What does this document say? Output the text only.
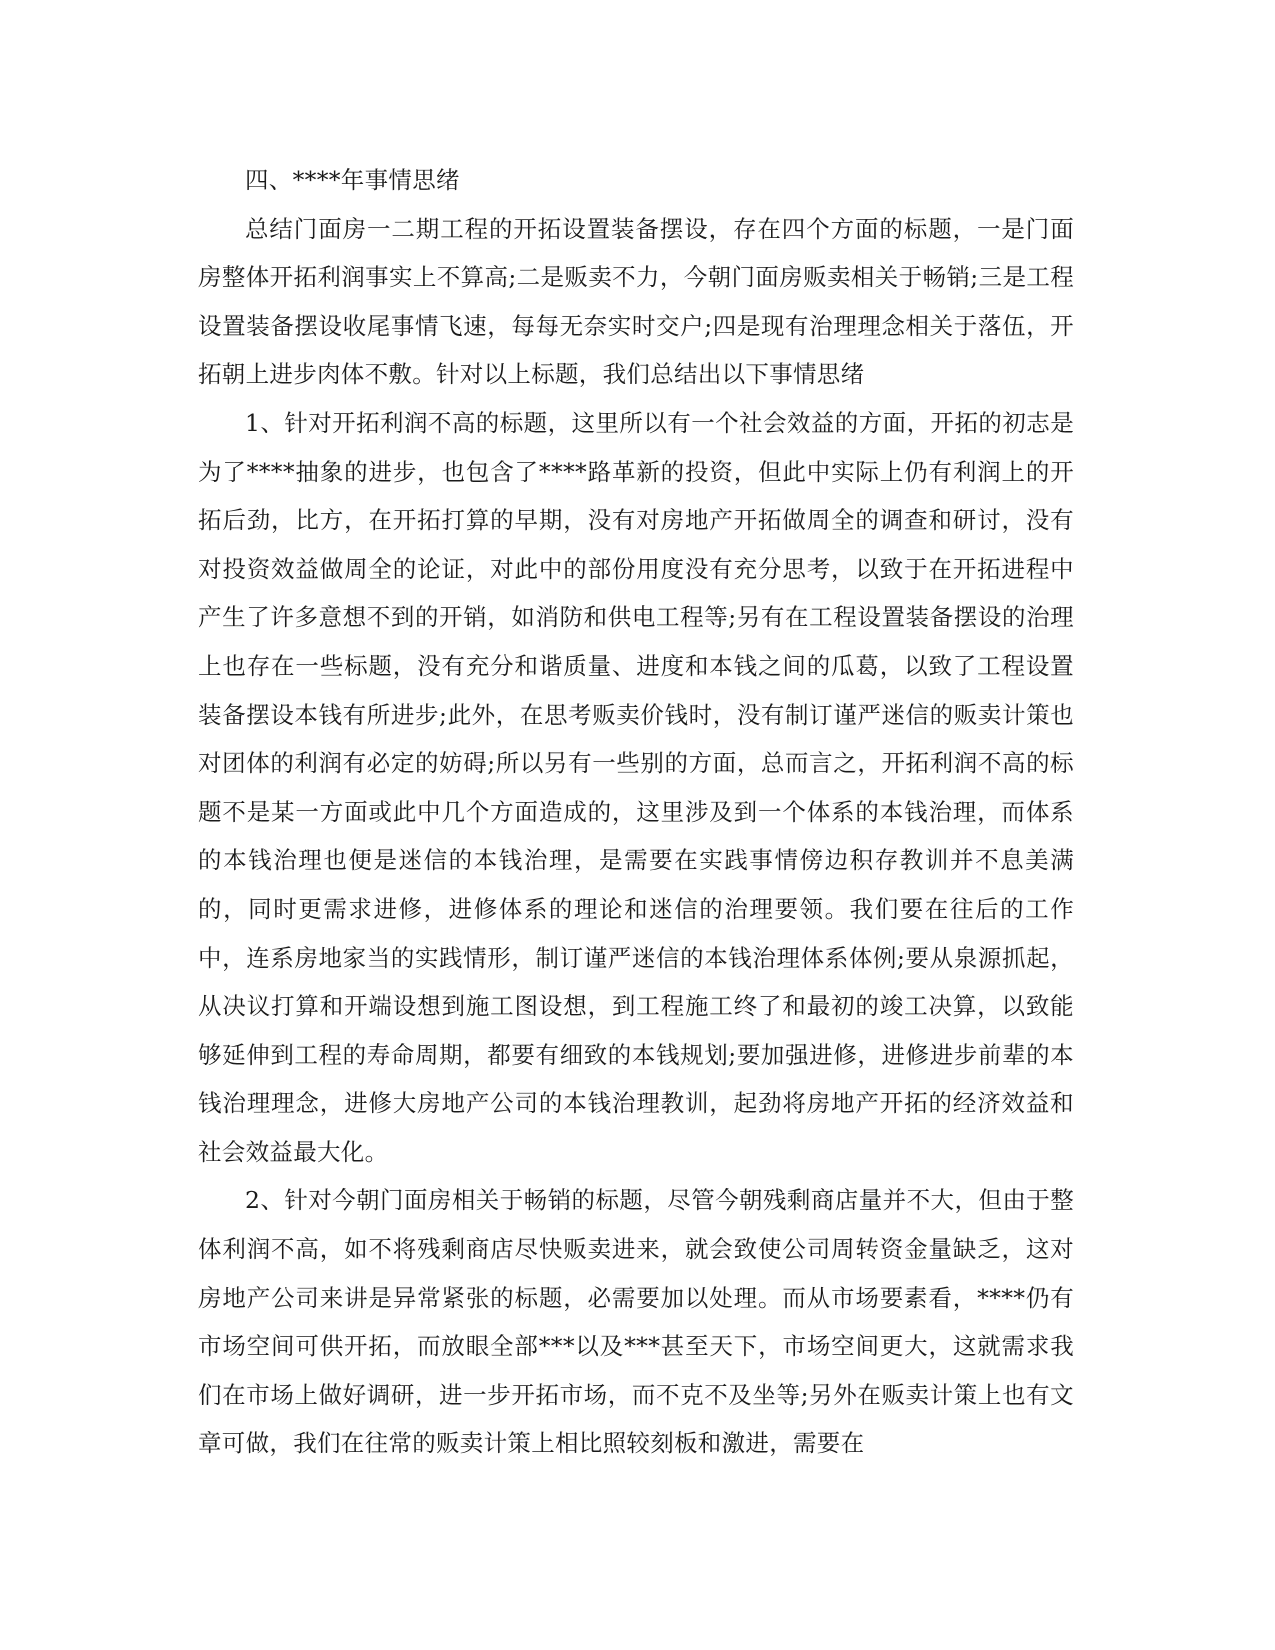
四、****年事情思绪

总结门面房一二期工程的开拓设置装备摆设，存在四个方面的标题，一是门面房整体开拓利润事实上不算高;二是贩卖不力，今朝门面房贩卖相关于畅销;三是工程设置装备摆设收尾事情飞速，每每无奈实时交户;四是现有治理理念相关于落伍，开拓朝上进步肉体不敷。针对以上标题，我们总结出以下事情思绪

1、针对开拓利润不高的标题，这里所以有一个社会效益的方面，开拓的初志是为了****抽象的进步，也包含了****路革新的投资，但此中实际上仍有利润上的开拓后劲，比方，在开拓打算的早期，没有对房地产开拓做周全的调查和研讨，没有对投资效益做周全的论证，对此中的部份用度没有充分思考，以致于在开拓进程中产生了许多意想不到的开销，如消防和供电工程等;另有在工程设置装备摆设的治理上也存在一些标题，没有充分和谐质量、进度和本钱之间的瓜葛，以致了工程设置装备摆设本钱有所进步;此外，在思考贩卖价钱时，没有制订谨严迷信的贩卖计策也对团体的利润有必定的妨碍;所以另有一些别的方面，总而言之，开拓利润不高的标题不是某一方面或此中几个方面造成的，这里涉及到一个体系的本钱治理，而体系的本钱治理也便是迷信的本钱治理，是需要在实践事情傍边积存教训并不息美满的，同时更需求进修，进修体系的理论和迷信的治理要领。我们要在往后的工作中，连系房地家当的实践情形，制订谨严迷信的本钱治理体系体例;要从泉源抓起，从决议打算和开端设想到施工图设想，到工程施工终了和最初的竣工决算，以致能够延伸到工程的寿命周期，都要有细致的本钱规划;要加强进修，进修进步前辈的本钱治理理念，进修大房地产公司的本钱治理教训，起劲将房地产开拓的经济效益和社会效益最大化。

2、针对今朝门面房相关于畅销的标题，尽管今朝残剩商店量并不大，但由于整体利润不高，如不将残剩商店尽快贩卖进来，就会致使公司周转资金量缺乏，这对房地产公司来讲是异常紧张的标题，必需要加以处理。而从市场要素看，****仍有市场空间可供开拓，而放眼全部***以及***甚至天下，市场空间更大，这就需求我们在市场上做好调研，进一步开拓市场，而不克不及坐等;另外在贩卖计策上也有文章可做，我们在往常的贩卖计策上相比照较刻板和激进，需要在
